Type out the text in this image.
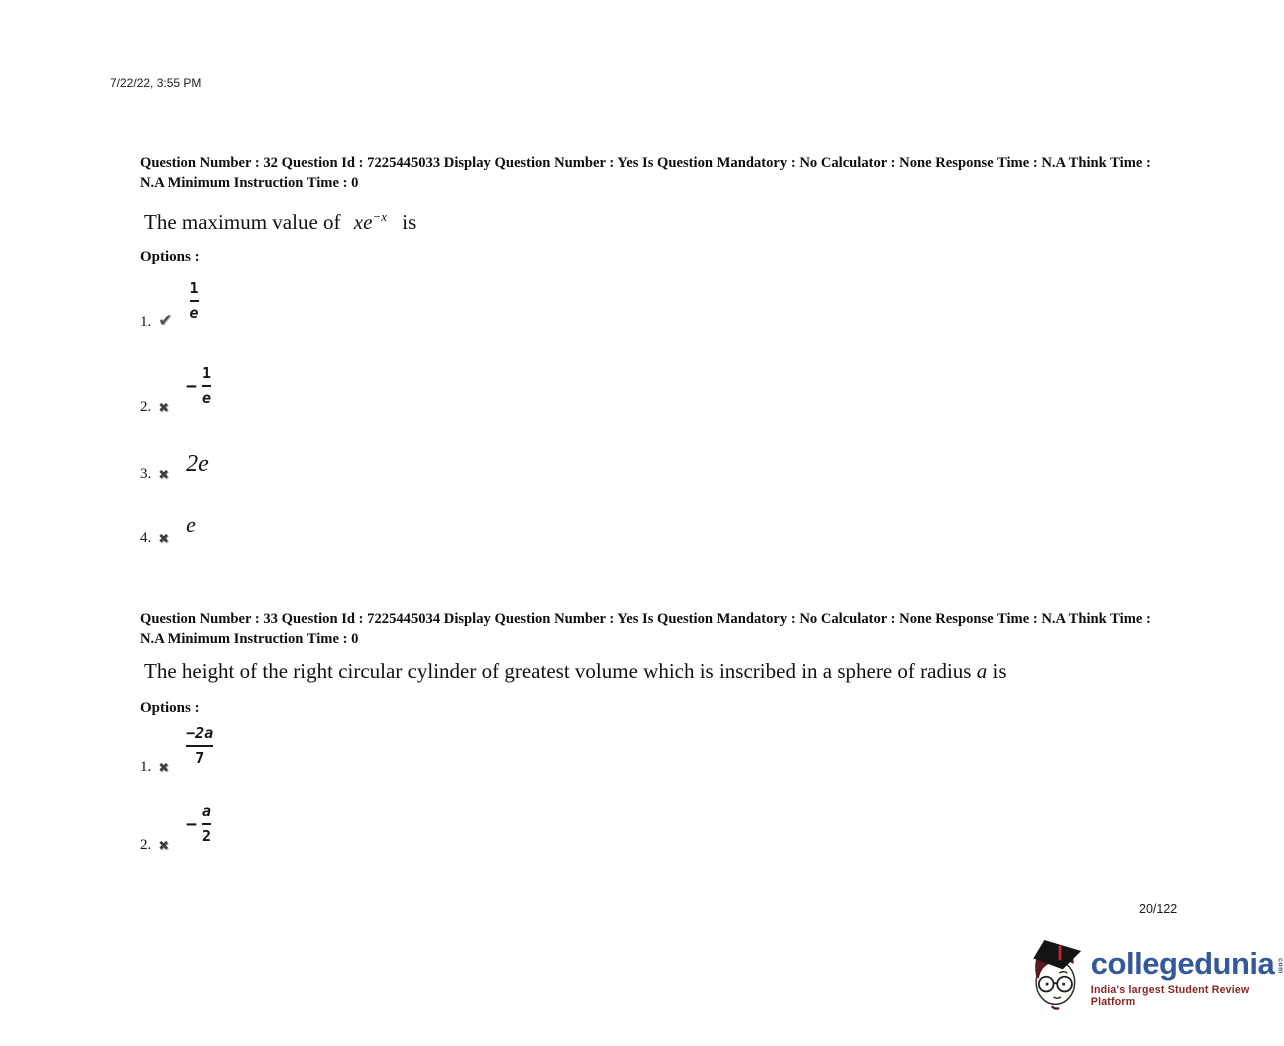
7/22/22, 3:55 PM
Question Number : 32 Question Id : 7225445033 Display Question Number : Yes Is Question Mandatory : No Calculator : None Response Time : N.A Think Time : N.A Minimum Instruction Time : 0
The maximum value of $xe^{-x}$ is
Options :
1. ✔ $\frac{1}{e}$
2. ✖
− $\frac{1}{e}$
3. ✖ 2e
4. ✖
e
Question Number : 33 Question Id : 7225445034 Display Question Number : Yes Is Question Mandatory : No Calculator : None Response Time : N.A Think Time : N.A Minimum Instruction Time : 0
The height of the right circular cylinder of greatest volume which is inscribed in a sphere of radius a is
Options :
1. ✖
$\frac{-2a}{7}$
2. ✖
− $\frac{a}{2}$
20/122
collegedunia com
India's largest Student Review Platform
